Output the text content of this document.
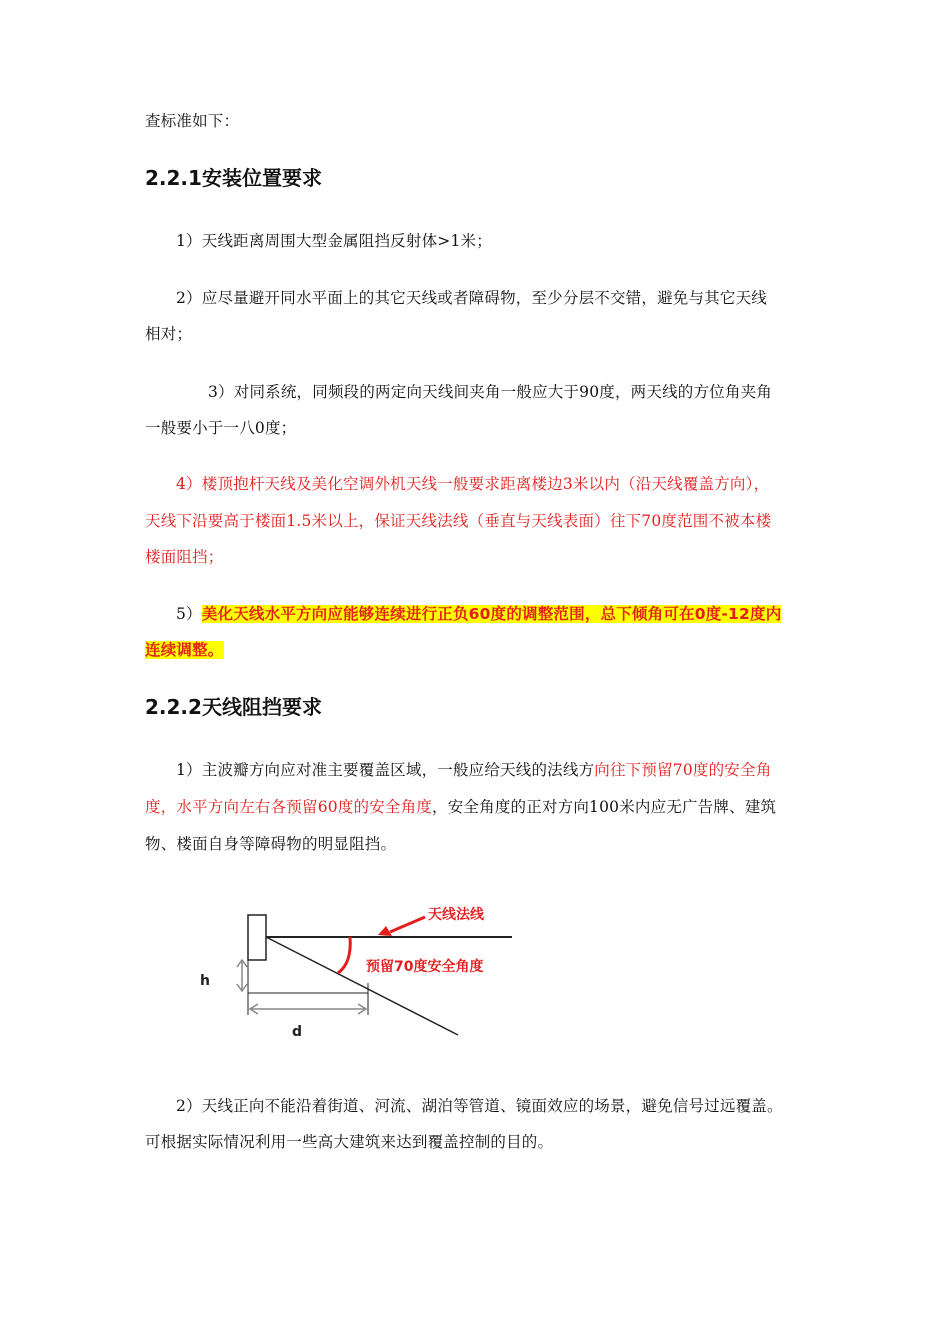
查标准如下：
2.2.1安装位置要求
1）天线距离周围大型金属阻挡反射体>1米；
2）应尽量避开同水平面上的其它天线或者障碍物，至少分层不交错，避免与其它天线
相对；
3）对同系统，同频段的两定向天线间夹角一般应大于90度，两天线的方位角夹角
一般要小于一八0度；
4）楼顶抱杆天线及美化空调外机天线一般要求距离楼边3米以内（沿天线覆盖方向），
天线下沿要高于楼面1.5米以上，保证天线法线（垂直与天线表面）往下70度范围不被本楼
楼面阻挡；
5）美化天线水平方向应能够连续进行正负60度的调整范围，总下倾角可在0度-12度内
连续调整。
2.2.2天线阻挡要求
1）主波瓣方向应对准主要覆盖区域，一般应给天线的法线方向往下预留70度的安全角
度，水平方向左右各预留60度的安全角度，安全角度的正对方向100米内应无广告牌、建筑
物、楼面自身等障碍物的明显阻挡。
天线法线
预留70度安全角度
h
d
2）天线正向不能沿着街道、河流、湖泊等管道、镜面效应的场景，避免信号过远覆盖。
可根据实际情况利用一些高大建筑来达到覆盖控制的目的。
